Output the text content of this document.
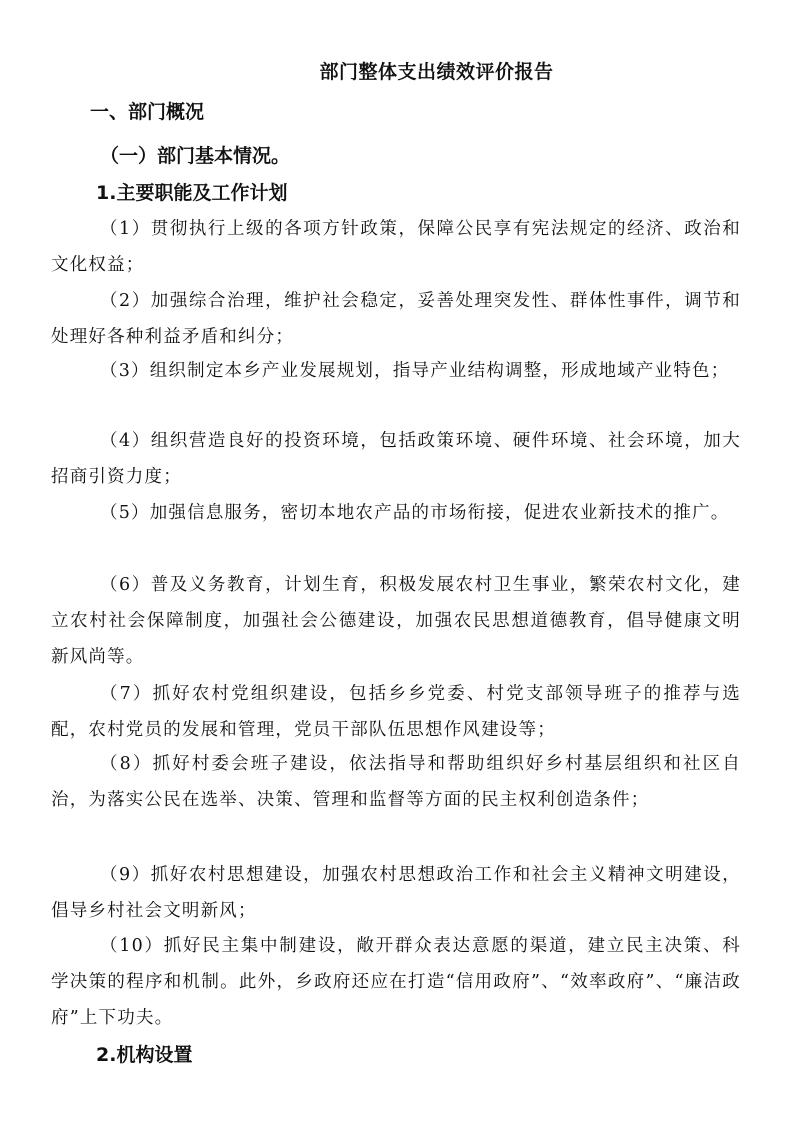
部门整体支出绩效评价报告
一、部门概况
（一）部门基本情况。
1.主要职能及工作计划

（1）贯彻执行上级的各项方针政策，保障公民享有宪法规定的经济、政治和文化权益；

（2）加强综合治理，维护社会稳定，妥善处理突发性、群体性事件，调节和处理好各种利益矛盾和纠分；

（3）组织制定本乡产业发展规划，指导产业结构调整，形成地域产业特色；

（4）组织营造良好的投资环境，包括政策环境、硬件环境、社会环境，加大招商引资力度；

（5）加强信息服务，密切本地农产品的市场衔接，促进农业新技术的推广。

（6）普及义务教育，计划生育，积极发展农村卫生事业，繁荣农村文化，建立农村社会保障制度，加强社会公德建设，加强农民思想道德教育，倡导健康文明新风尚等。

（7）抓好农村党组织建设，包括乡乡党委、村党支部领导班子的推荐与选配，农村党员的发展和管理，党员干部队伍思想作风建设等；

（8）抓好村委会班子建设，依法指导和帮助组织好乡村基层组织和社区自治，为落实公民在选举、决策、管理和监督等方面的民主权利创造条件；

（9）抓好农村思想建设，加强农村思想政治工作和社会主义精神文明建设，倡导乡村社会文明新风；

（10）抓好民主集中制建设，敞开群众表达意愿的渠道，建立民主决策、科学决策的程序和机制。此外，乡政府还应在打造“信用政府”、“效率政府”、“廉洁政府”上下功夫。

2.机构设置
